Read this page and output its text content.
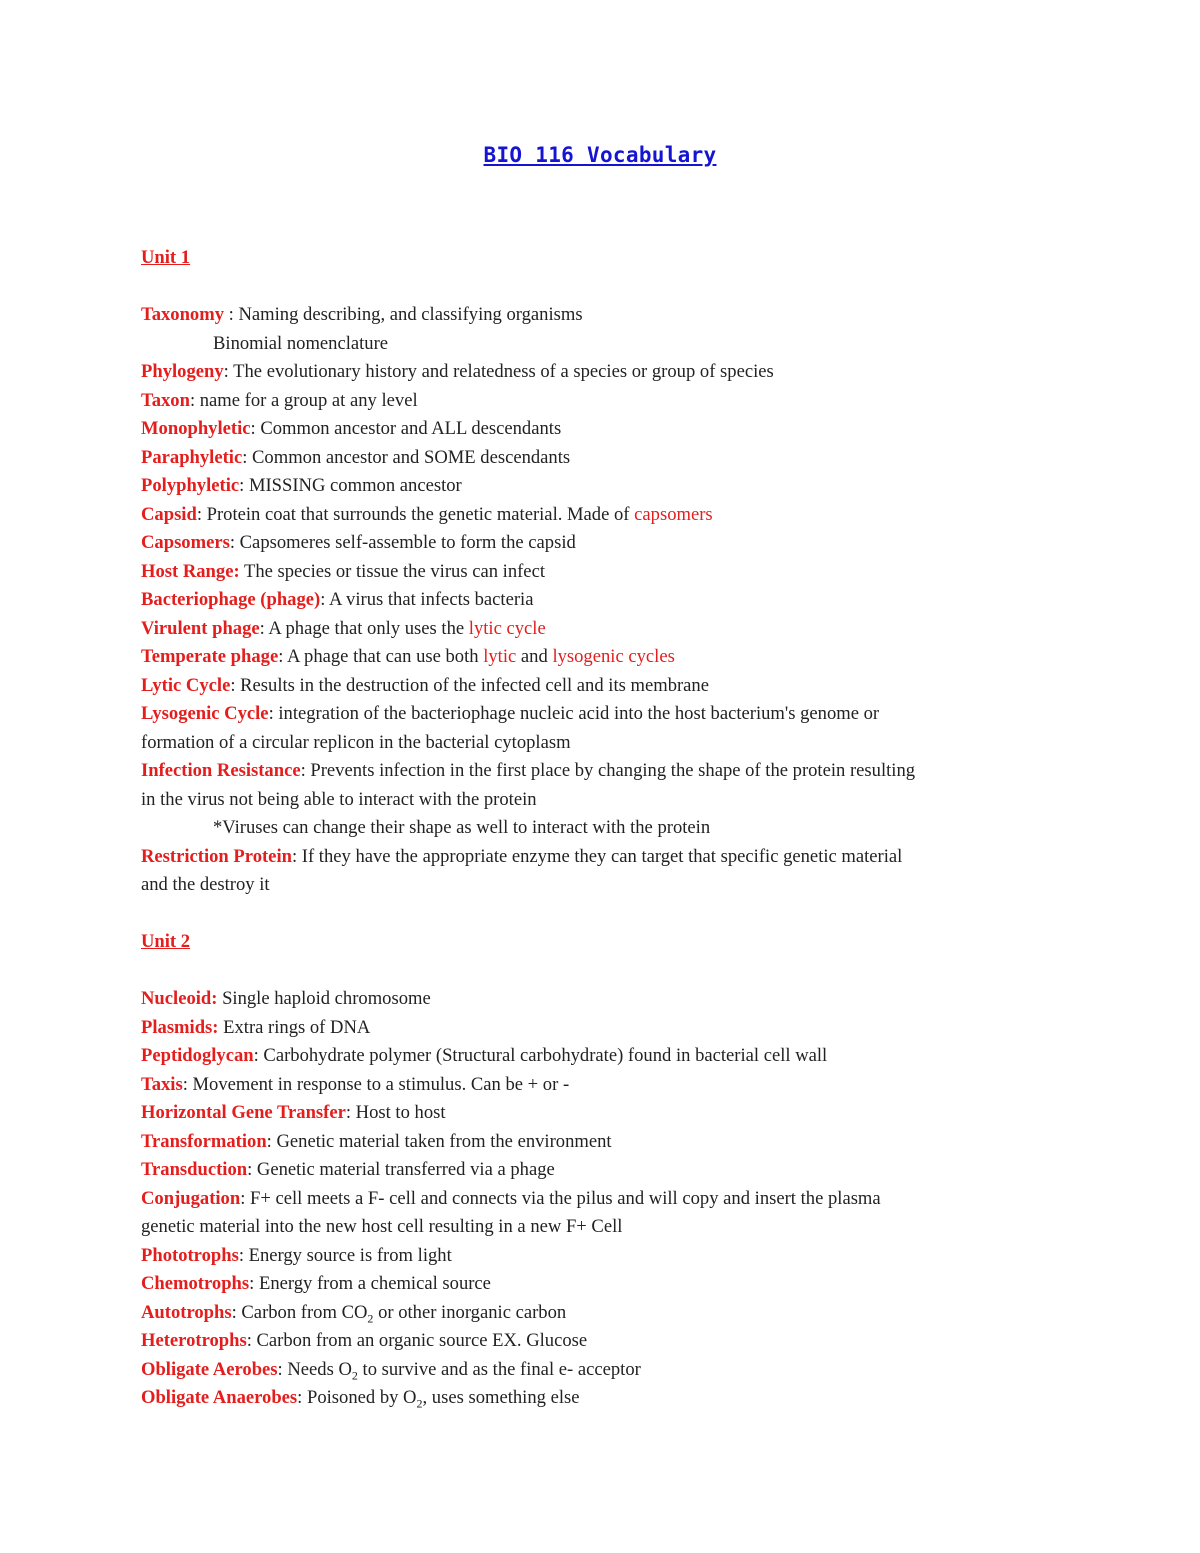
BIO 116 Vocabulary
Unit 1
Taxonomy : Naming describing, and classifying organisms
Binomial nomenclature
Phylogeny: The evolutionary history and relatedness of a species or group of species
Taxon: name for a group at any level
Monophyletic: Common ancestor and ALL descendants
Paraphyletic: Common ancestor and SOME descendants
Polyphyletic: MISSING common ancestor
Capsid: Protein coat that surrounds the genetic material. Made of capsomers
Capsomers: Capsomeres self-assemble to form the capsid
Host Range: The species or tissue the virus can infect
Bacteriophage (phage): A virus that infects bacteria
Virulent phage: A phage that only uses the lytic cycle
Temperate phage: A phage that can use both lytic and lysogenic cycles
Lytic Cycle: Results in the destruction of the infected cell and its membrane
Lysogenic Cycle: integration of the bacteriophage nucleic acid into the host bacterium's genome or
formation of a circular replicon in the bacterial cytoplasm
Infection Resistance: Prevents infection in the first place by changing the shape of the protein resulting
in the virus not being able to interact with the protein
*Viruses can change their shape as well to interact with the protein
Restriction Protein: If they have the appropriate enzyme they can target that specific genetic material
and the destroy it
Unit 2
Nucleoid: Single haploid chromosome
Plasmids: Extra rings of DNA
Peptidoglycan: Carbohydrate polymer (Structural carbohydrate) found in bacterial cell wall
Taxis: Movement in response to a stimulus. Can be + or -
Horizontal Gene Transfer: Host to host
Transformation: Genetic material taken from the environment
Transduction: Genetic material transferred via a phage
Conjugation: F+ cell meets a F- cell and connects via the pilus and will copy and insert the plasma
genetic material into the new host cell resulting in a new F+ Cell
Phototrophs: Energy source is from light
Chemotrophs: Energy from a chemical source
Autotrophs: Carbon from $CO_2$ or other inorganic carbon
Heterotrophs: Carbon from an organic source EX. Glucose
Obligate Aerobes: Needs $O_2$ to survive and as the final e- acceptor
Obligate Anaerobes: Poisoned by $O_2$, uses something else
